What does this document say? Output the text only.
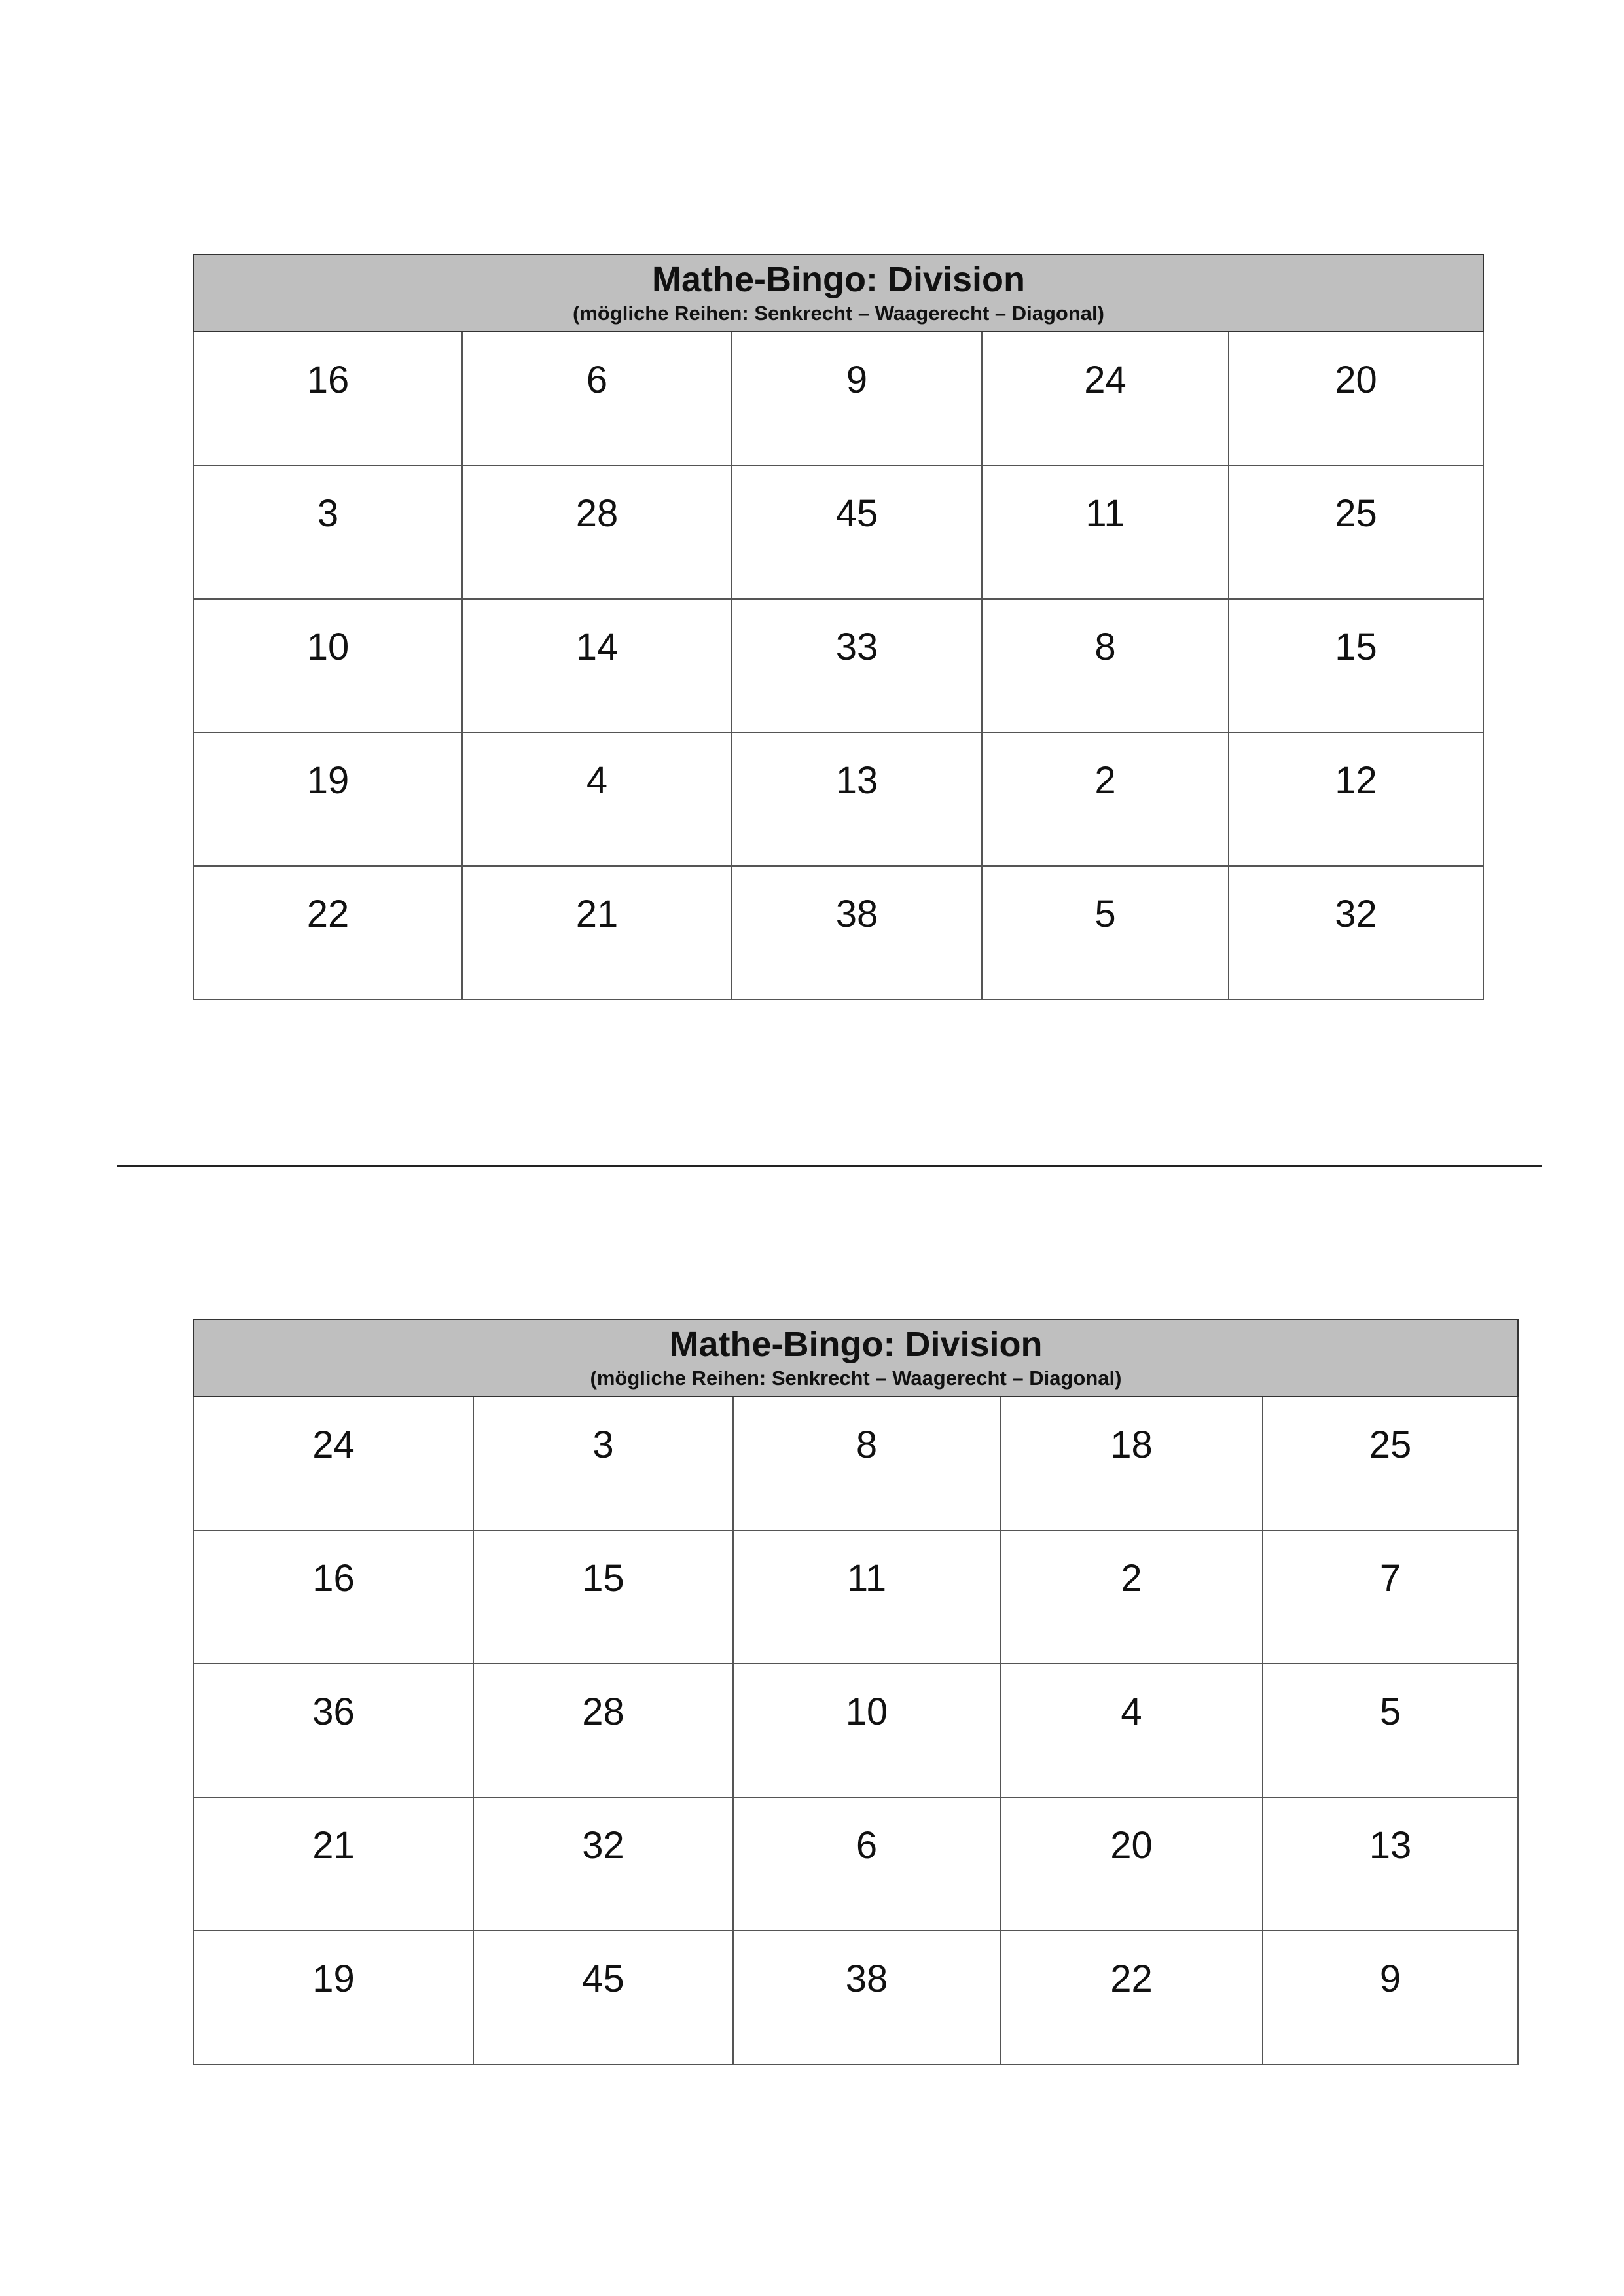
Mathe-Bingo: Division
(mögliche Reihen: Senkrecht – Waagerecht – Diagonal)				

16	6	9	24	20

3	28	45	11	25

10	14	33	8	15

19	4	13	2	12

22	21	38	5	32
Mathe-Bingo: Division
(mögliche Reihen: Senkrecht – Waagerecht – Diagonal)				

24	3	8	18	25

16	15	11	2	7

36	28	10	4	5

21	32	6	20	13

19	45	38	22	9
